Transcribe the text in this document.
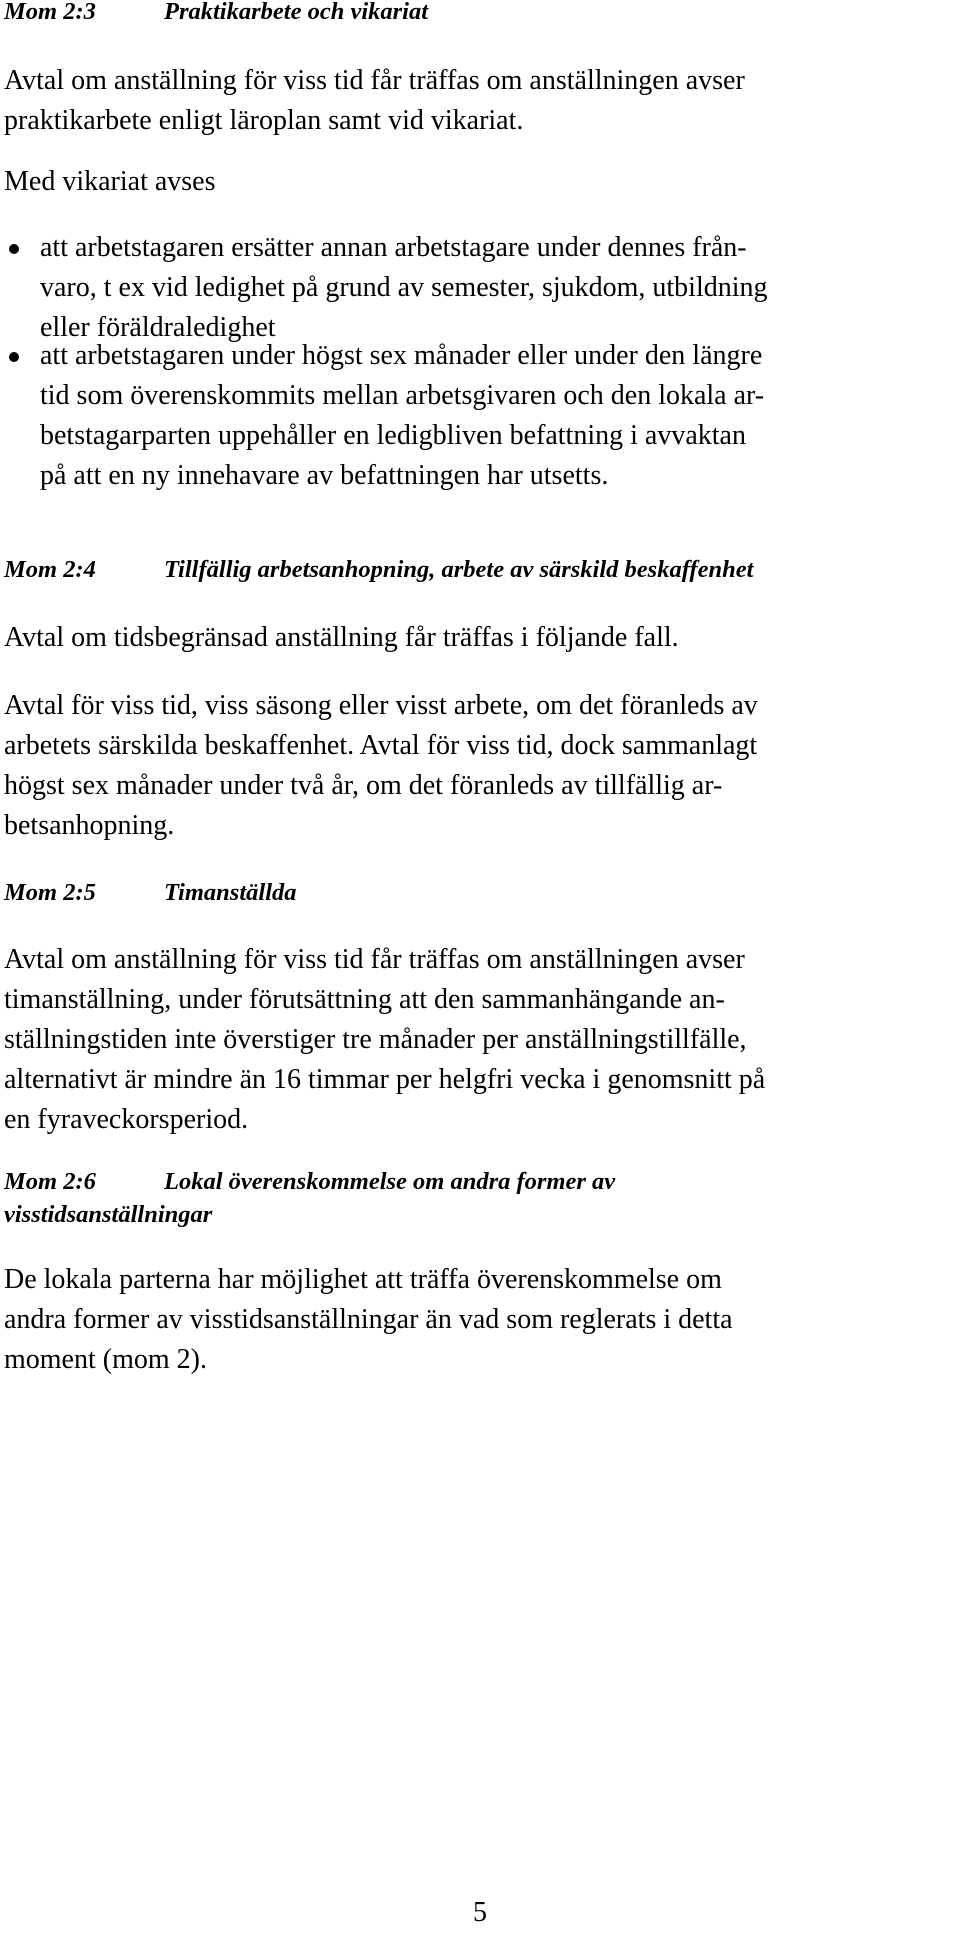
Mom 2:3	Praktikarbete och vikariat
Avtal om anställning för viss tid får träffas om anställningen avser
praktikarbete enligt läroplan samt vid vikariat.
Med vikariat avses
att arbetstagaren ersätter annan arbetstagare under dennes från-
varo, t ex vid ledighet på grund av semester, sjukdom, utbildning
eller föräldraledighet
att arbetstagaren under högst sex månader eller under den längre
tid som överenskommits mellan arbetsgivaren och den lokala ar-
betstagarparten uppehåller en ledigbliven befattning i avvaktan
på att en ny innehavare av befattningen har utsetts.
Mom 2:4	Tillfällig arbetsanhopning, arbete av särskild beskaffenhet
Avtal om tidsbegränsad anställning får träffas i följande fall.
Avtal för viss tid, viss säsong eller visst arbete, om det föranleds av
arbetets särskilda beskaffenhet. Avtal för viss tid, dock sammanlagt
högst sex månader under två år, om det föranleds av tillfällig ar-
betsanhopning.
Mom 2:5	Timanställda
Avtal om anställning för viss tid får träffas om anställningen avser
timanställning, under förutsättning att den sammanhängande an-
ställningstiden inte överstiger tre månader per anställningstillfälle,
alternativt är mindre än 16 timmar per helgfri vecka i genomsnitt på
en fyraveckorsperiod.
Mom 2:6	Lokal överenskommelse om andra former av
visstidsanställningar
De lokala parterna har möjlighet att träffa överenskommelse om
andra former av visstidsanställningar än vad som reglerats i detta
moment (mom 2).
5
